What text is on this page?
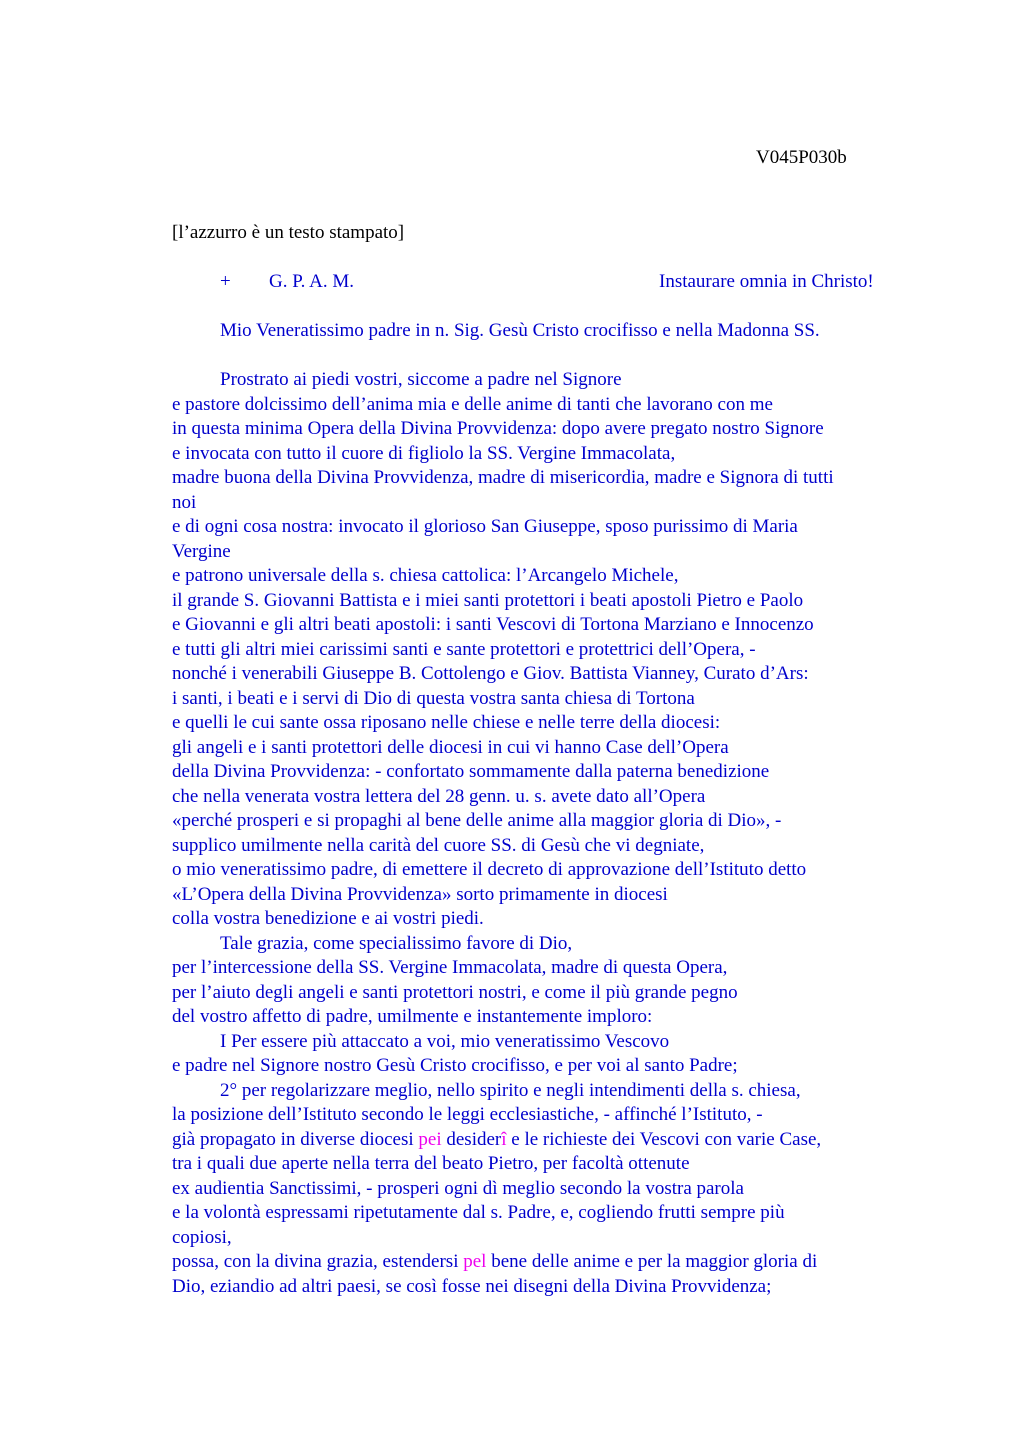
V045P030b
[l’azzurro è un testo stampato]
+ G. P. A. M.	Instaurare omnia in Christo!
Mio Veneratissimo padre in n. Sig. Gesù Cristo crocifisso e nella Madonna SS.
Prostrato ai piedi vostri, siccome a padre nel Signore
e pastore dolcissimo dell’anima mia e delle anime di tanti che lavorano con me
in questa minima Opera della Divina Provvidenza: dopo avere pregato nostro Signore
e invocata con tutto il cuore di figliolo la SS. Vergine Immacolata,
madre buona della Divina Provvidenza, madre di misericordia, madre e Signora di tutti
noi
e di ogni cosa nostra: invocato il glorioso San Giuseppe, sposo purissimo di Maria
Vergine
e patrono universale della s. chiesa cattolica: l’Arcangelo Michele,
il grande S. Giovanni Battista e i miei santi protettori i beati apostoli Pietro e Paolo
e Giovanni e gli altri beati apostoli: i santi Vescovi di Tortona Marziano e Innocenzo
e tutti gli altri miei carissimi santi e sante protettori e protettrici dell’Opera, -
nonché i venerabili Giuseppe B. Cottolengo e Giov. Battista Vianney, Curato d’Ars:
i santi, i beati e i servi di Dio di questa vostra santa chiesa di Tortona
e quelli le cui sante ossa riposano nelle chiese e nelle terre della diocesi:
gli angeli e i santi protettori delle diocesi in cui vi hanno Case dell’Opera
della Divina Provvidenza: - confortato sommamente dalla paterna benedizione
che nella venerata vostra lettera del 28 genn. u. s. avete dato all’Opera
«perché prosperi e si propaghi al bene delle anime alla maggior gloria di Dio», -
supplico umilmente nella carità del cuore SS. di Gesù che vi degniate,
o mio veneratissimo padre, di emettere il decreto di approvazione dell’Istituto detto
«L’Opera della Divina Provvidenza» sorto primamente in diocesi
colla vostra benedizione e ai vostri piedi.
Tale grazia, come specialissimo favore di Dio,
per l’intercessione della SS. Vergine Immacolata, madre di questa Opera,
per l’aiuto degli angeli e santi protettori nostri, e come il più grande pegno
del vostro affetto di padre, umilmente e instantemente imploro:
I Per essere più attaccato a voi, mio veneratissimo Vescovo
e padre nel Signore nostro Gesù Cristo crocifisso, e per voi al santo Padre;
2° per regolarizzare meglio, nello spirito e negli intendimenti della s. chiesa,
la posizione dell’Istituto secondo le leggi ecclesiastiche, - affinché l’Istituto, -
già propagato in diverse diocesi pei desiderî e le richieste dei Vescovi con varie Case,
tra i quali due aperte nella terra del beato Pietro, per facoltà ottenute
ex audientia Sanctissimi, - prosperi ogni dì meglio secondo la vostra parola
e la volontà espressami ripetutamente dal s. Padre, e, cogliendo frutti sempre più
copiosi,
possa, con la divina grazia, estendersi pel bene delle anime e per la maggior gloria di
Dio, eziandio ad altri paesi, se così fosse nei disegni della Divina Provvidenza;
